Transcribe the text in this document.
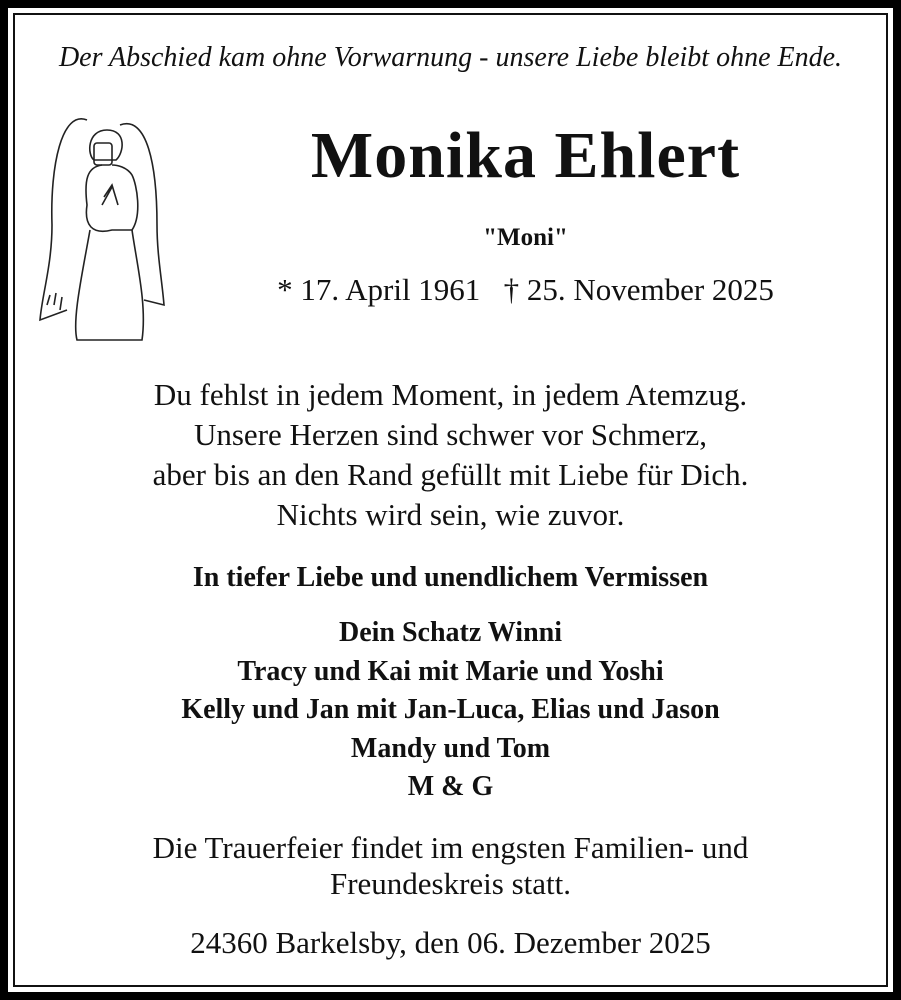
Der Abschied kam ohne Vorwarnung - unsere Liebe bleibt ohne Ende.
Monika Ehlert
"Moni"
* 17. April 1961 † 25. November 2025
Du fehlst in jedem Moment, in jedem Atemzug.
Unsere Herzen sind schwer vor Schmerz,
aber bis an den Rand gefüllt mit Liebe für Dich.
Nichts wird sein, wie zuvor.
In tiefer Liebe und unendlichem Vermissen
Dein Schatz Winni
Tracy und Kai mit Marie und Yoshi
Kelly und Jan mit Jan-Luca, Elias und Jason
Mandy und Tom
M & G
Die Trauerfeier findet im engsten Familien- und
Freundeskreis statt.
24360 Barkelsby, den 06. Dezember 2025
